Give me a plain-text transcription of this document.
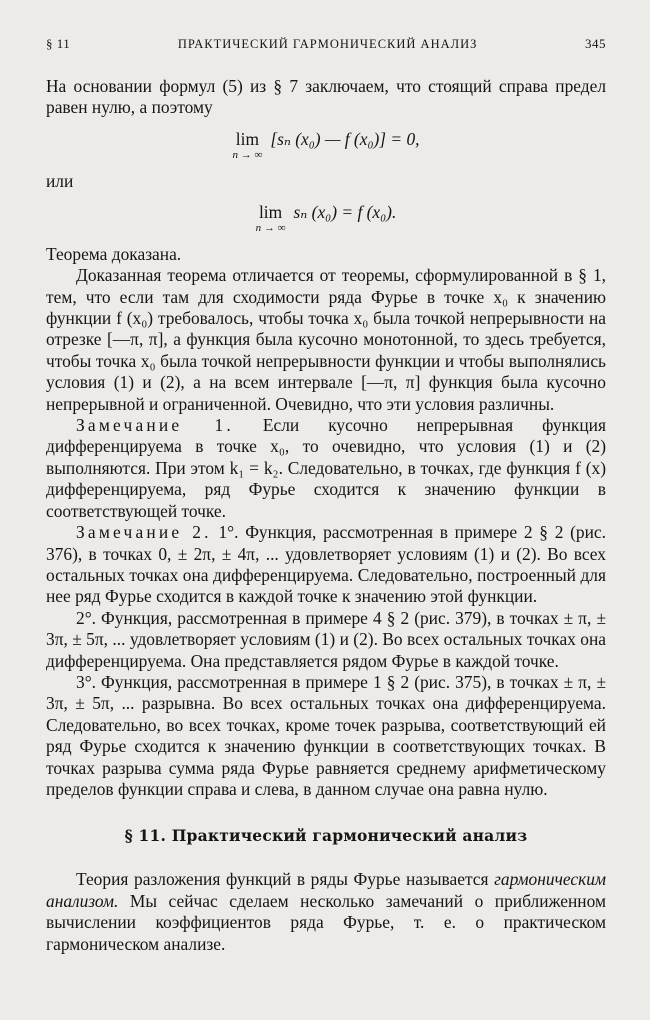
§ 11	ПРАКТИЧЕСКИЙ ГАРМОНИЧЕСКИЙ АНАЛИЗ	345

На основании формул (5) из § 7 заключаем, что стоящий справа предел равен нулю, а поэтому

lim
n → ∞
[sₙ (x₀) — f (x₀)] = 0,
или
lim
n → ∞
sₙ (x₀) = f (x₀).

Теорема доказана.

Доказанная теорема отличается от теоремы, сформулированной в § 1, тем, что если там для сходимости ряда Фурье в точке x₀ к значению функции f (x₀) требовалось, чтобы точка x₀ была точкой непрерывности на отрезке [—π, π], а функция была кусочно монотонной, то здесь требуется, чтобы точка x₀ была точкой непрерывности функции и чтобы выполнялись условия (1) и (2), а на всем интервале [—π, π] функция была кусочно непрерывной и ограниченной. Очевидно, что эти условия различны.

Замечание 1. Если кусочно непрерывная функция дифференцируема в точке x₀, то очевидно, что условия (1) и (2) выполняются. При этом k₁ = k₂. Следовательно, в точках, где функция f (x) дифференцируема, ряд Фурье сходится к значению функции в соответствующей точке.

Замечание 2. 1°. Функция, рассмотренная в примере 2 § 2 (рис. 376), в точках 0, ± 2π, ± 4π, ... удовлетворяет условиям (1) и (2). Во всех остальных точках она дифференцируема. Следовательно, построенный для нее ряд Фурье сходится в каждой точке к значению этой функции.

2°. Функция, рассмотренная в примере 4 § 2 (рис. 379), в точках ± π, ± 3π, ± 5π, ... удовлетворяет условиям (1) и (2). Во всех остальных точках она дифференцируема. Она представляется рядом Фурье в каждой точке.

3°. Функция, рассмотренная в примере 1 § 2 (рис. 375), в точках ± π, ± 3π, ± 5π, ... разрывна. Во всех остальных точках она дифференцируема. Следовательно, во всех точках, кроме точек разрыва, соответствующий ей ряд Фурье сходится к значению функции в соответствующих точках. В точках разрыва сумма ряда Фурье равняется среднему арифметическому пределов функции справа и слева, в данном случае она равна нулю.

§ 11. Практический гармонический анализ

Теория разложения функций в ряды Фурье называется гармоническим анализом. Мы сейчас сделаем несколько замечаний о приближенном вычислении коэффициентов ряда Фурье, т. е. о практическом гармоническом анализе.
